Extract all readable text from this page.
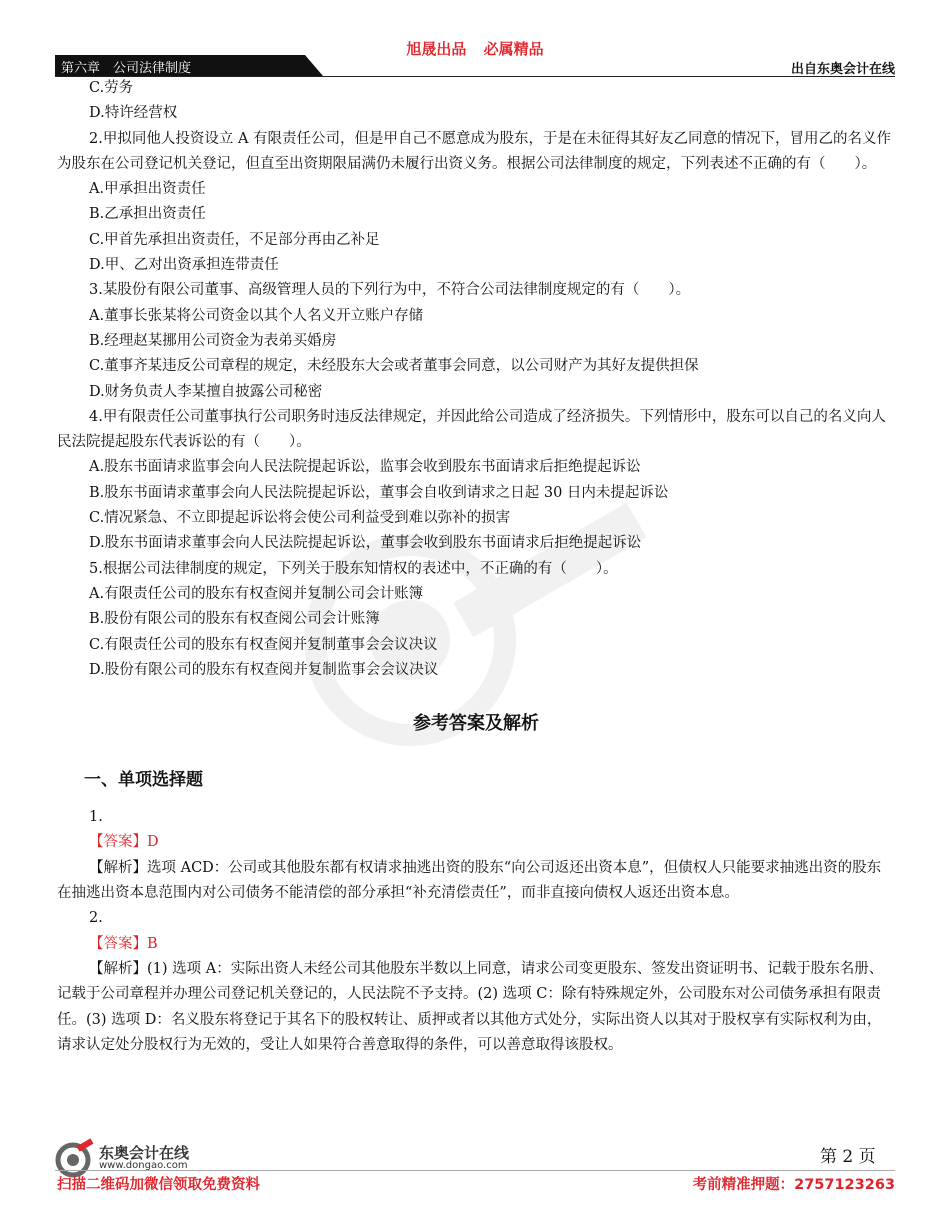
旭晟出品 必属精品
第六章　公司法律制度	出自东奥会计在线

C.劳务

D.特许经营权

2.甲拟同他人投资设立 A 有限责任公司，但是甲自己不愿意成为股东，于是在未征得其好友乙同意的情况下，冒用乙的名义作为股东在公司登记机关登记，但直至出资期限届满仍未履行出资义务。根据公司法律制度的规定，下列表述不正确的有（　　）。

A.甲承担出资责任

B.乙承担出资责任

C.甲首先承担出资责任，不足部分再由乙补足

D.甲、乙对出资承担连带责任

3.某股份有限公司董事、高级管理人员的下列行为中，不符合公司法律制度规定的有（　　）。

A.董事长张某将公司资金以其个人名义开立账户存储

B.经理赵某挪用公司资金为表弟买婚房

C.董事齐某违反公司章程的规定，未经股东大会或者董事会同意，以公司财产为其好友提供担保

D.财务负责人李某擅自披露公司秘密

4.甲有限责任公司董事执行公司职务时违反法律规定，并因此给公司造成了经济损失。下列情形中，股东可以自己的名义向人民法院提起股东代表诉讼的有（　　）。

A.股东书面请求监事会向人民法院提起诉讼，监事会收到股东书面请求后拒绝提起诉讼

B.股东书面请求董事会向人民法院提起诉讼，董事会自收到请求之日起 30 日内未提起诉讼

C.情况紧急、不立即提起诉讼将会使公司利益受到难以弥补的损害

D.股东书面请求董事会向人民法院提起诉讼，董事会收到股东书面请求后拒绝提起诉讼

5.根据公司法律制度的规定，下列关于股东知情权的表述中，不正确的有（　　）。

A.有限责任公司的股东有权查阅并复制公司会计账簿

B.股份有限公司的股东有权查阅公司会计账簿

C.有限责任公司的股东有权查阅并复制董事会会议决议

D.股份有限公司的股东有权查阅并复制监事会会议决议

参考答案及解析
一、单项选择题

1.

【答案】D

【解析】选项 ACD：公司或其他股东都有权请求抽逃出资的股东“向公司返还出资本息”，但债权人只能要求抽逃出资的股东在抽逃出资本息范围内对公司债务不能清偿的部分承担“补充清偿责任”，而非直接向债权人返还出资本息。

2.

【答案】B

【解析】(1) 选项 A：实际出资人未经公司其他股东半数以上同意，请求公司变更股东、签发出资证明书、记载于股东名册、记载于公司章程并办理公司登记机关登记的，人民法院不予支持。(2) 选项 C：除有特殊规定外，公司股东对公司债务承担有限责任。(3) 选项 D：名义股东将登记于其名下的股权转让、质押或者以其他方式处分，实际出资人以其对于股权享有实际权利为由，请求认定处分股权行为无效的，受让人如果符合善意取得的条件，可以善意取得该股权。

东奥会计在线
www.dongao.com	第 2 页
扫描二维码加微信领取免费资料	考前精准押题：2757123263
